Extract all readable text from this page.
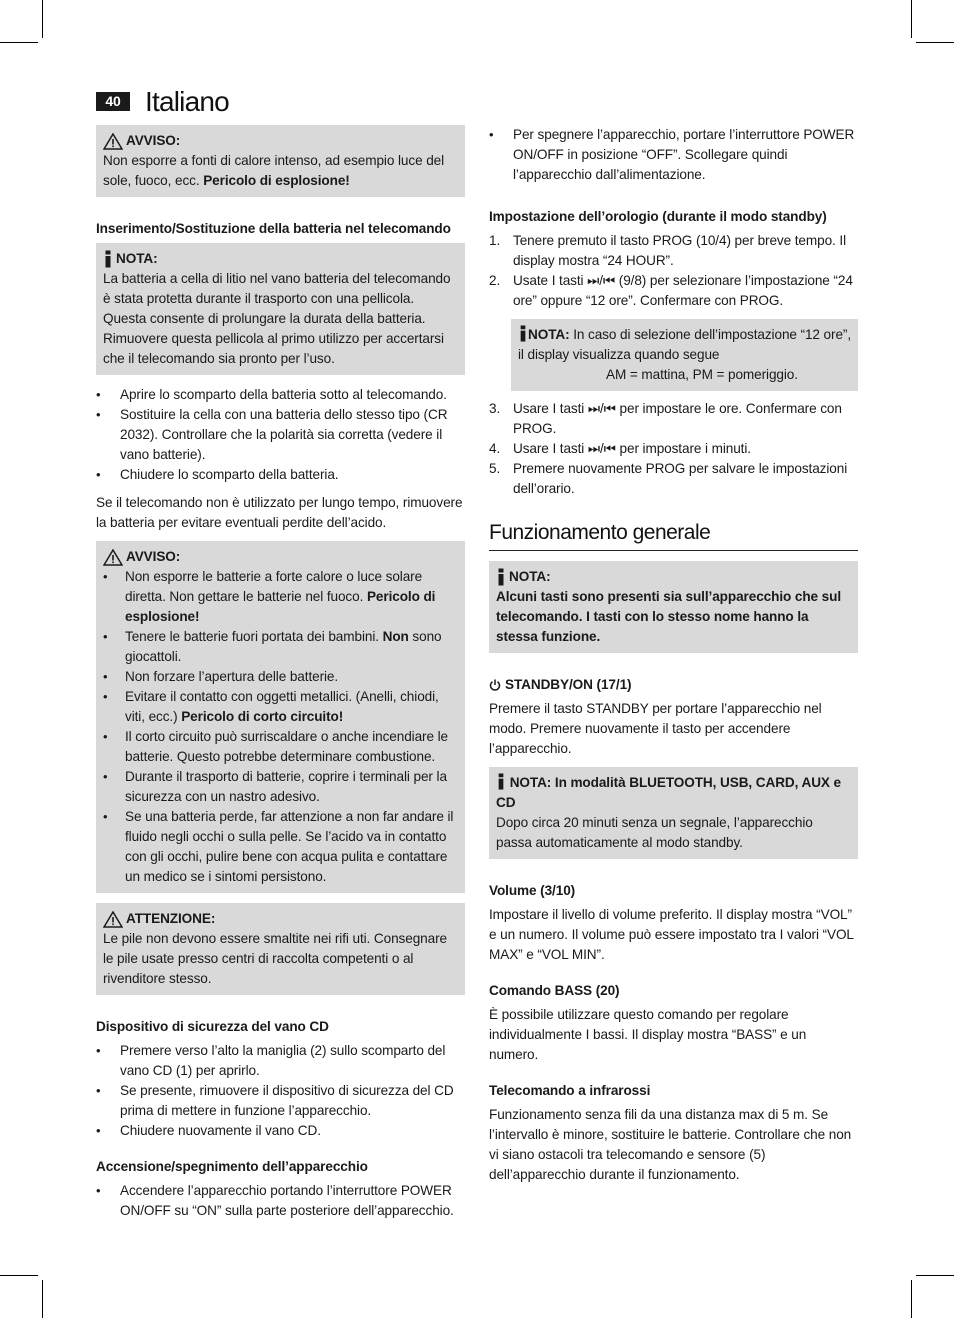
40 Italiano
AVVISO:

Non esporre a fonti di calore intenso, ad esempio luce del sole, fuoco, ecc. Pericolo di esplosione!

Inserimento/Sostituzione della batteria nel telecomando
NOTA:

La batteria a cella di litio nel vano batteria del telecomando è stata protetta durante il trasporto con una pellicola. Questa consente di prolungare la durata della batteria. Rimuovere questa pellicola al primo utilizzo per accertarsi che il telecomando sia pronto per l’uso.

• Aprire lo scomparto della batteria sotto al telecomando.
• Sostituire la cella con una batteria dello stesso tipo (CR 2032). Controllare che la polarità sia corretta (vedere il vano batterie).
• Chiudere lo scomparto della batteria.

Se il telecomando non è utilizzato per lungo tempo, rimuovere la batteria per evitare eventuali perdite dell’acido.

AVVISO:
• Non esporre le batterie a forte calore o luce solare diretta. Non gettare le batterie nel fuoco. Pericolo di esplosione!
• Tenere le batterie fuori portata dei bambini. Non sono giocattoli.
• Non forzare l’apertura delle batterie.
• Evitare il contatto con oggetti metallici. (Anelli, chiodi, viti, ecc.) Pericolo di corto circuito!
• Il corto circuito può surriscaldare o anche incendiare le batterie. Questo potrebbe determinare combustione.
• Durante il trasporto di batterie, coprire i terminali per la sicurezza con un nastro adesivo.
• Se una batteria perde, far attenzione a non far andare il fluido negli occhi o sulla pelle. Se l’acido va in contatto con gli occhi, pulire bene con acqua pulita e contattare un medico se i sintomi persistono.
ATTENZIONE:

Le pile non devono essere smaltite nei rifi uti. Consegnare le pile usate presso centri di raccolta competenti o al rivenditore stesso.

Dispositivo di sicurezza del vano CD
• Premere verso l’alto la maniglia (2) sullo scomparto del vano CD (1) per aprirlo.
• Se presente, rimuovere il dispositivo di sicurezza del CD prima di mettere in funzione l’apparecchio.
• Chiudere nuovamente il vano CD.
Accensione/spegnimento dell’apparecchio
• Accendere l’apparecchio portando l’interruttore POWER ON/OFF su “ON” sulla parte posteriore dell’apparecchio.
• Per spegnere l’apparecchio, portare l’interruttore POWER ON/OFF in posizione “OFF”. Scollegare quindi l’apparecchio dall’alimentazione.
Impostazione dell’orologio (durante il modo standby)
1. Tenere premuto il tasto PROG (10/4) per breve tempo. Il display mostra “24 HOUR”.
2. Usate I tasti ⏭/⏮ (9/8) per selezionare l’impostazione “24 ore” oppure “12 ore”. Confermare con PROG.

NOTA: In caso di selezione dell’impostazione “12 ore”, il display visualizza quando segue

AM = mattina, PM = pomeriggio.

3. Usare I tasti ⏭/⏮ per impostare le ore. Confermare con PROG.
4. Usare I tasti ⏭/⏮ per impostare i minuti.
5. Premere nuovamente PROG per salvare le impostazioni dell’orario.
Funzionamento generale
NOTA:

Alcuni tasti sono presenti sia sull’apparecchio che sul telecomando. I tasti con lo stesso nome hanno la stessa funzione.

STANDBY/ON (17/1)

Premere il tasto STANDBY per portare l’apparecchio nel modo. Premere nuovamente il tasto per accendere l’apparecchio.

NOTA: In modalità BLUETOOTH, USB, CARD, AUX e CD

Dopo circa 20 minuti senza un segnale, l’apparecchio passa automaticamente al modo standby.

Volume (3/10)

Impostare il livello di volume preferito. Il display mostra “VOL” e un numero. Il volume può essere impostato tra I valori “VOL MAX” e “VOL MIN”.

Comando BASS (20)

È possibile utilizzare questo comando per regolare individualmente I bassi. Il display mostra “BASS” e un numero.

Telecomando a infrarossi

Funzionamento senza fili da una distanza max di 5 m. Se l’intervallo è minore, sostituire le batterie. Controllare che non vi siano ostacoli tra telecomando e sensore (5) dell’apparecchio durante il funzionamento.
